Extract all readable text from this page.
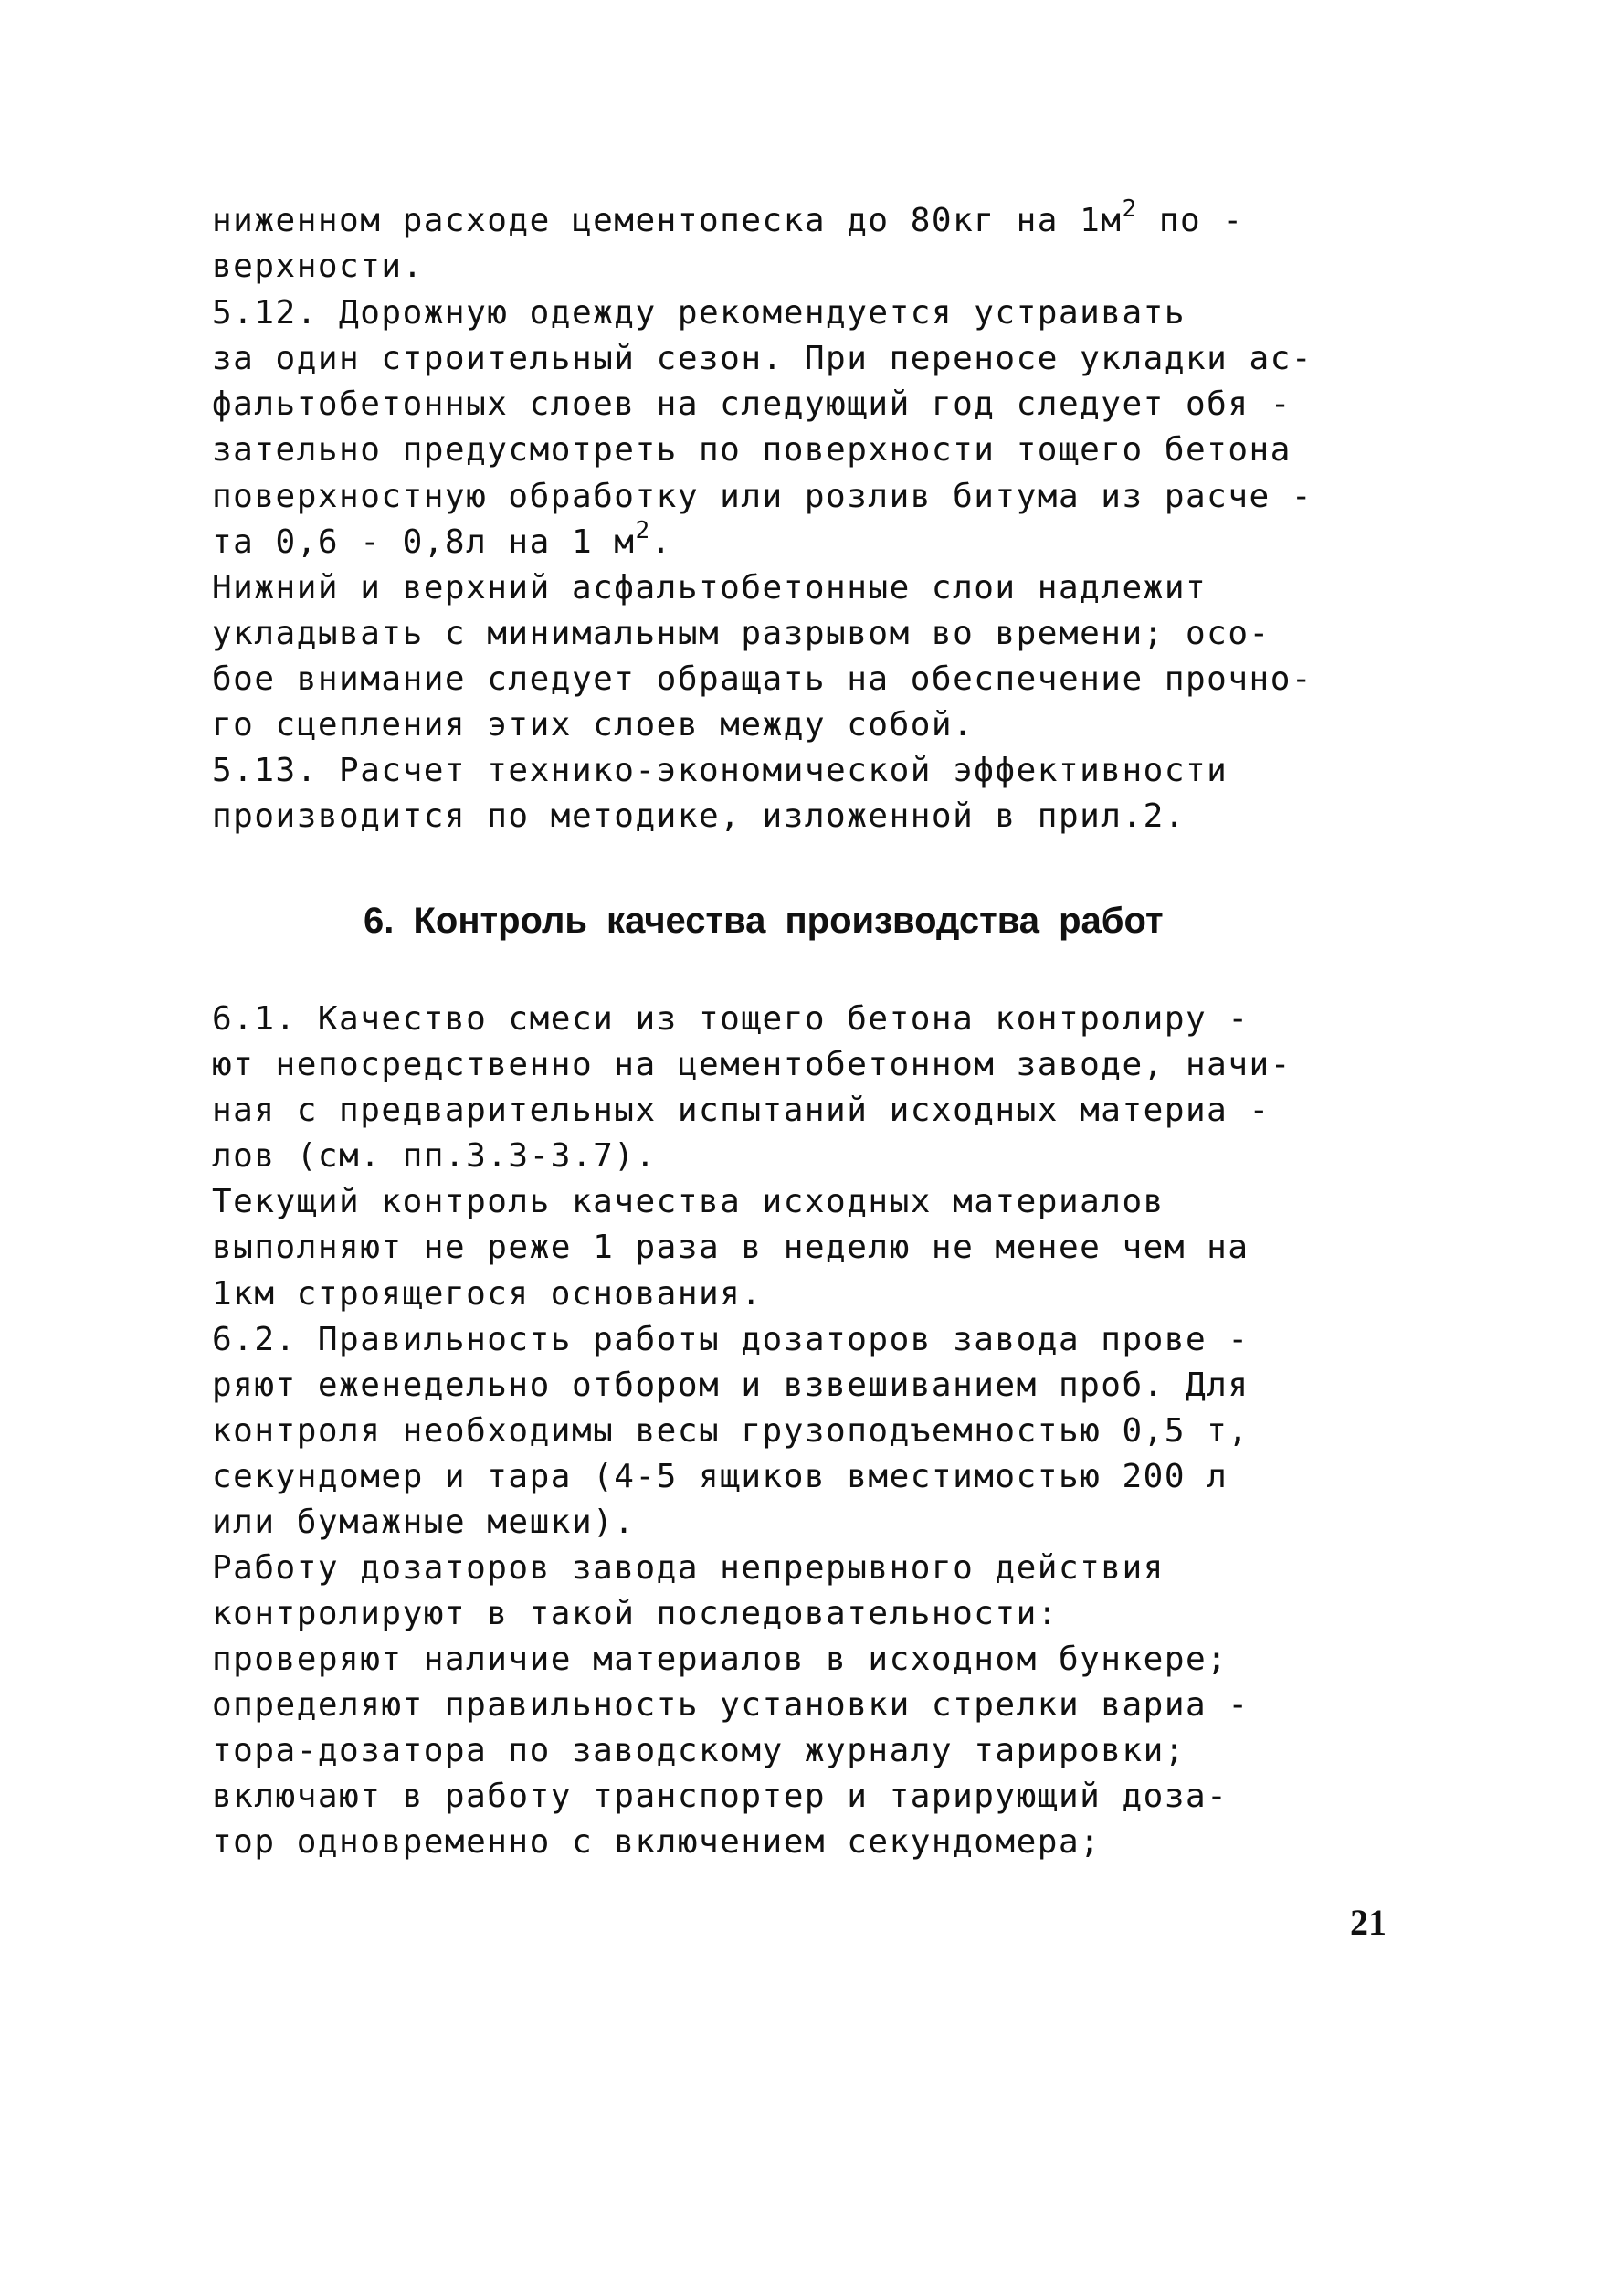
ниженном расходе цементопеска до 80кг на $1м^2$ по -
верхности.
5.12. Дорожную одежду рекомендуется устраивать
за один строительный сезон. При переносе укладки ас-
фальтобетонных слоев на следующий год следует обя -
зательно предусмотреть по поверхности тощего бетона
поверхностную обработку или розлив битума из расче -
та 0,6 - 0,8л на 1 $м^2$.
Нижний и верхний асфальтобетонные слои надлежит
укладывать с минимальным разрывом во времени; осо-
бое внимание следует обращать на обеспечение прочно-
го сцепления этих слоев между собой.
5.13. Расчет технико-экономической эффективности
производится по методике, изложенной в прил.2.
6. Контроль качества производства работ
6.1. Качество смеси из тощего бетона контролиру -
ют непосредственно на цементобетонном заводе, начи-
ная с предварительных испытаний исходных материа -
лов (см. пп.3.3-3.7).
Текущий контроль качества исходных материалов
выполняют не реже 1 раза в неделю не менее чем на
1км строящегося основания.
6.2. Правильность работы дозаторов завода прове -
ряют еженедельно отбором и взвешиванием проб. Для
контроля необходимы весы грузоподъемностью 0,5 т,
секундомер и тара (4-5 ящиков вместимостью 200 л
или бумажные мешки).
Работу дозаторов завода непрерывного действия
контролируют в такой последовательности:
проверяют наличие материалов в исходном бункере;
определяют правильность установки стрелки вариа -
тора-дозатора по заводскому журналу тарировки;
включают в работу транспортер и тарирующий доза-
тор одновременно с включением секундомера;
21
